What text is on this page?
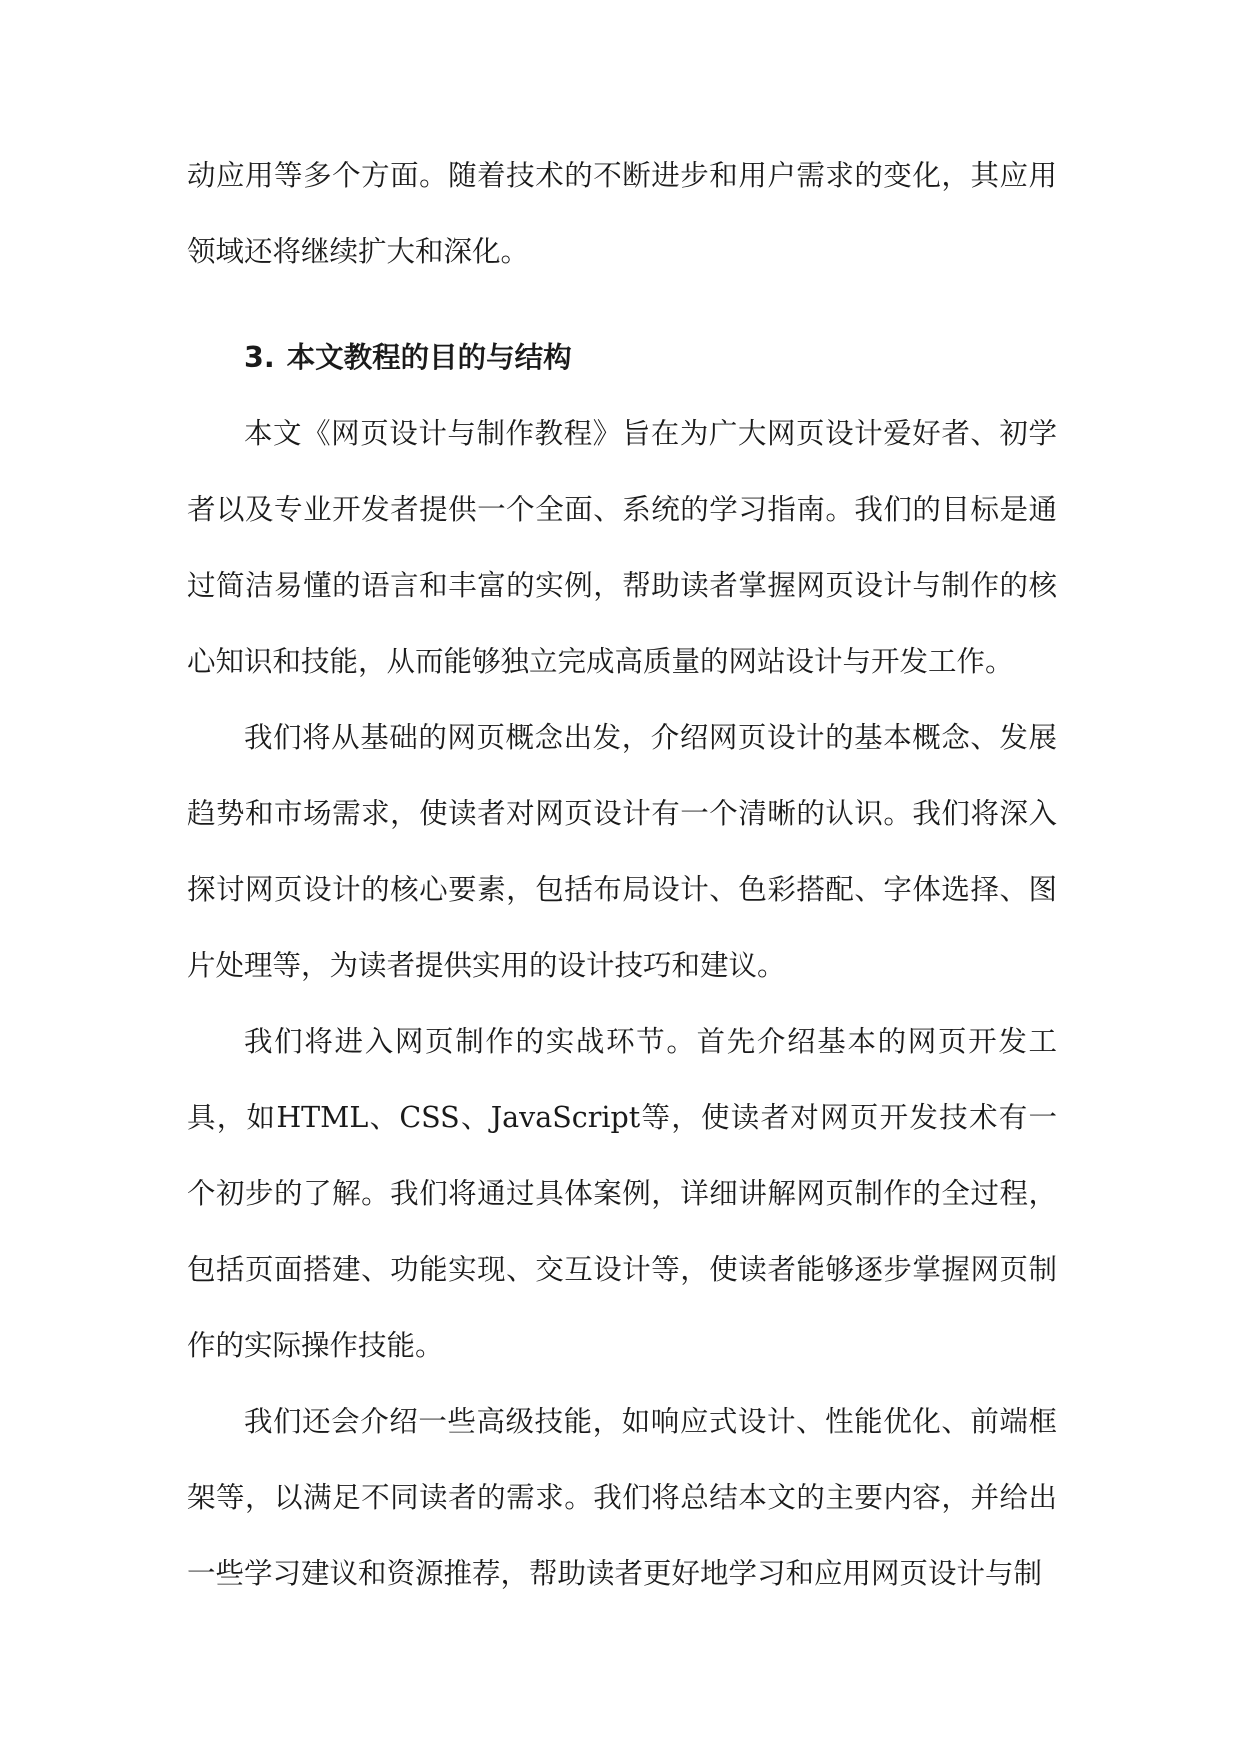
动应用等多个方面。随着技术的不断进步和用户需求的变化，其应用领域还将继续扩大和深化。

3. 本文教程的目的与结构

本文《网页设计与制作教程》旨在为广大网页设计爱好者、初学者以及专业开发者提供一个全面、系统的学习指南。我们的目标是通过简洁易懂的语言和丰富的实例，帮助读者掌握网页设计与制作的核心知识和技能，从而能够独立完成高质量的网站设计与开发工作。

我们将从基础的网页概念出发，介绍网页设计的基本概念、发展趋势和市场需求，使读者对网页设计有一个清晰的认识。我们将深入探讨网页设计的核心要素，包括布局设计、色彩搭配、字体选择、图片处理等，为读者提供实用的设计技巧和建议。

我们将进入网页制作的实战环节。首先介绍基本的网页开发工具，如HTML、CSS、JavaScript等，使读者对网页开发技术有一个初步的了解。我们将通过具体案例，详细讲解网页制作的全过程，包括页面搭建、功能实现、交互设计等，使读者能够逐步掌握网页制作的实际操作技能。

我们还会介绍一些高级技能，如响应式设计、性能优化、前端框架等，以满足不同读者的需求。我们将总结本文的主要内容，并给出一些学习建议和资源推荐，帮助读者更好地学习和应用网页设计与制
